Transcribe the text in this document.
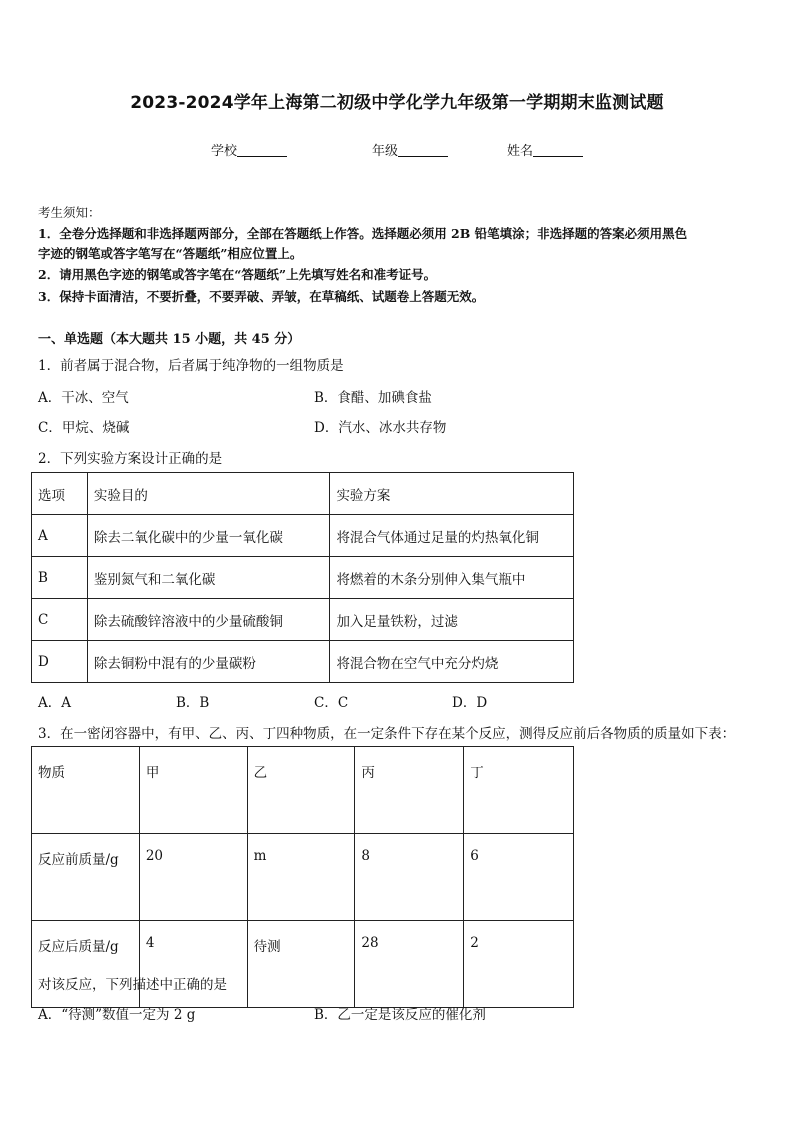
2023-2024学年上海第二初级中学化学九年级第一学期期末监测试题
学校	年级	姓名
考生须知：
1．全卷分选择题和非选择题两部分，全部在答题纸上作答。选择题必须用 2B 铅笔填涂；非选择题的答案必须用黑色
字迹的钢笔或答字笔写在“答题纸”相应位置上。
2．请用黑色字迹的钢笔或答字笔在“答题纸”上先填写姓名和准考证号。
3．保持卡面清洁，不要折叠，不要弄破、弄皱，在草稿纸、试题卷上答题无效。
一、单选题（本大题共 15 小题，共 45 分）
1．前者属于混合物，后者属于纯净物的一组物质是
A．干冰、空气	B．食醋、加碘食盐
C．甲烷、烧碱	D．汽水、冰水共存物
2．下列实验方案设计正确的是
选项	实验目的	实验方案
A	除去二氧化碳中的少量一氧化碳	将混合气体通过足量的灼热氧化铜
B	鉴别氮气和二氧化碳	将燃着的木条分别伸入集气瓶中
C	除去硫酸锌溶液中的少量硫酸铜	加入足量铁粉，过滤
D	除去铜粉中混有的少量碳粉	将混合物在空气中充分灼烧
A．A	B．B	C．C	D．D
3．在一密闭容器中，有甲、乙、丙、丁四种物质，在一定条件下存在某个反应，测得反应前后各物质的质量如下表：
物质	甲	乙	丙	丁
反应前质量/g	20	m	8	6
反应后质量/g	4	待测	28	2
对该反应，下列描述中正确的是
A．“待测”数值一定为 2 g	B．乙一定是该反应的催化剂
